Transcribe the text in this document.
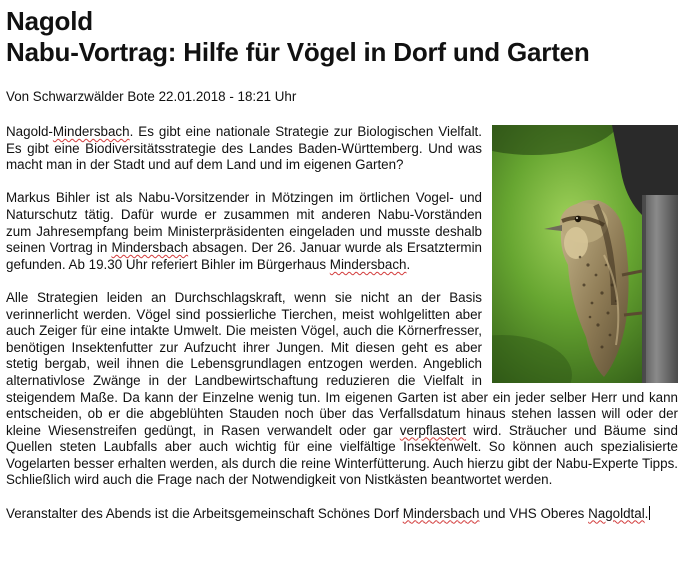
Nagold
Nabu-Vortrag: Hilfe für Vögel in Dorf und Garten
Von Schwarzwälder Bote 22.01.2018 - 18:21 Uhr

Nagold-Mindersbach. Es gibt eine nationale Strategie zur Biologischen Vielfalt. Es gibt eine Biodiversitätsstrategie des Landes Baden-Württemberg. Und was macht man in der Stadt und auf dem Land und im eigenen Garten?

Markus Bihler ist als Nabu-Vorsitzender in Mötzingen im örtlichen Vogel- und Naturschutz tätig. Dafür wurde er zusammen mit anderen Nabu-Vorständen zum Jahresempfang beim Ministerpräsidenten eingeladen und musste deshalb seinen Vortrag in Mindersbach absagen. Der 26. Januar wurde als Ersatztermin gefunden. Ab 19.30 Uhr referiert Bihler im Bürgerhaus Mindersbach.

Alle Strategien leiden an Durchschlagskraft, wenn sie nicht an der Basis verinnerlicht werden. Vögel sind possierliche Tierchen, meist wohlgelitten aber auch Zeiger für eine intakte Umwelt. Die meisten Vögel, auch die Körnerfresser, benötigen Insektenfutter zur Aufzucht ihrer Jungen. Mit diesen geht es aber stetig bergab, weil ihnen die Lebensgrundlagen entzogen werden. Angeblich alternativlose Zwänge in der Landbewirtschaftung reduzieren die Vielfalt in steigendem Maße. Da kann der Einzelne wenig tun. Im eigenen Garten ist aber ein jeder selber Herr und kann entscheiden, ob er die abgeblühten Stauden noch über das Verfallsdatum hinaus stehen lassen will oder der kleine Wiesenstreifen gedüngt, in Rasen verwandelt oder gar verpflastert wird. Sträucher und Bäume sind Quellen steten Laubfalls aber auch wichtig für eine vielfältige Insektenwelt. So können auch spezialisierte Vogelarten besser erhalten werden, als durch die reine Winterfütterung. Auch hierzu gibt der Nabu-Experte Tipps. Schließlich wird auch die Frage nach der Notwendigkeit von Nistkästen beantwortet werden.

Veranstalter des Abends ist die Arbeitsgemeinschaft Schönes Dorf Mindersbach und VHS Oberes Nagoldtal.
